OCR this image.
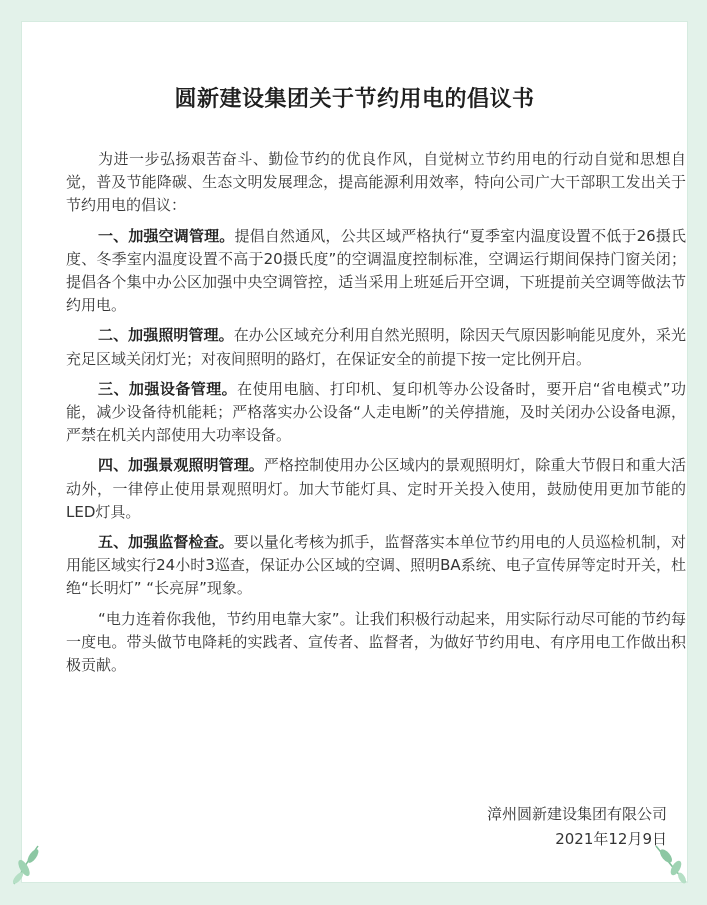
圆新建设集团关于节约用电的倡议书

为进一步弘扬艰苦奋斗、勤俭节约的优良作风，自觉树立节约用电的行动自觉和思想自觉，普及节能降碳、生态文明发展理念，提高能源利用效率，特向公司广大干部职工发出关于节约用电的倡议：

一、加强空调管理。提倡自然通风，公共区域严格执行“夏季室内温度设置不低于26摄氏度、冬季室内温度设置不高于20摄氏度”的空调温度控制标准，空调运行期间保持门窗关闭；提倡各个集中办公区加强中央空调管控，适当采用上班延后开空调，下班提前关空调等做法节约用电。

二、加强照明管理。在办公区域充分利用自然光照明，除因天气原因影响能见度外，采光充足区域关闭灯光；对夜间照明的路灯，在保证安全的前提下按一定比例开启。

三、加强设备管理。在使用电脑、打印机、复印机等办公设备时，要开启“省电模式”功能，减少设备待机能耗；严格落实办公设备“人走电断”的关停措施，及时关闭办公设备电源，严禁在机关内部使用大功率设备。

四、加强景观照明管理。严格控制使用办公区域内的景观照明灯，除重大节假日和重大活动外，一律停止使用景观照明灯。加大节能灯具、定时开关投入使用，鼓励使用更加节能的LED灯具。

五、加强监督检查。要以量化考核为抓手，监督落实本单位节约用电的人员巡检机制，对用能区域实行24小时3巡查，保证办公区域的空调、照明BA系统、电子宣传屏等定时开关，杜绝“长明灯” “长亮屏”现象。

“电力连着你我他，节约用电靠大家”。让我们积极行动起来，用实际行动尽可能的节约每一度电。带头做节电降耗的实践者、宣传者、监督者，为做好节约用电、有序用电工作做出积极贡献。

漳州圆新建设集团有限公司
2021年12月9日
